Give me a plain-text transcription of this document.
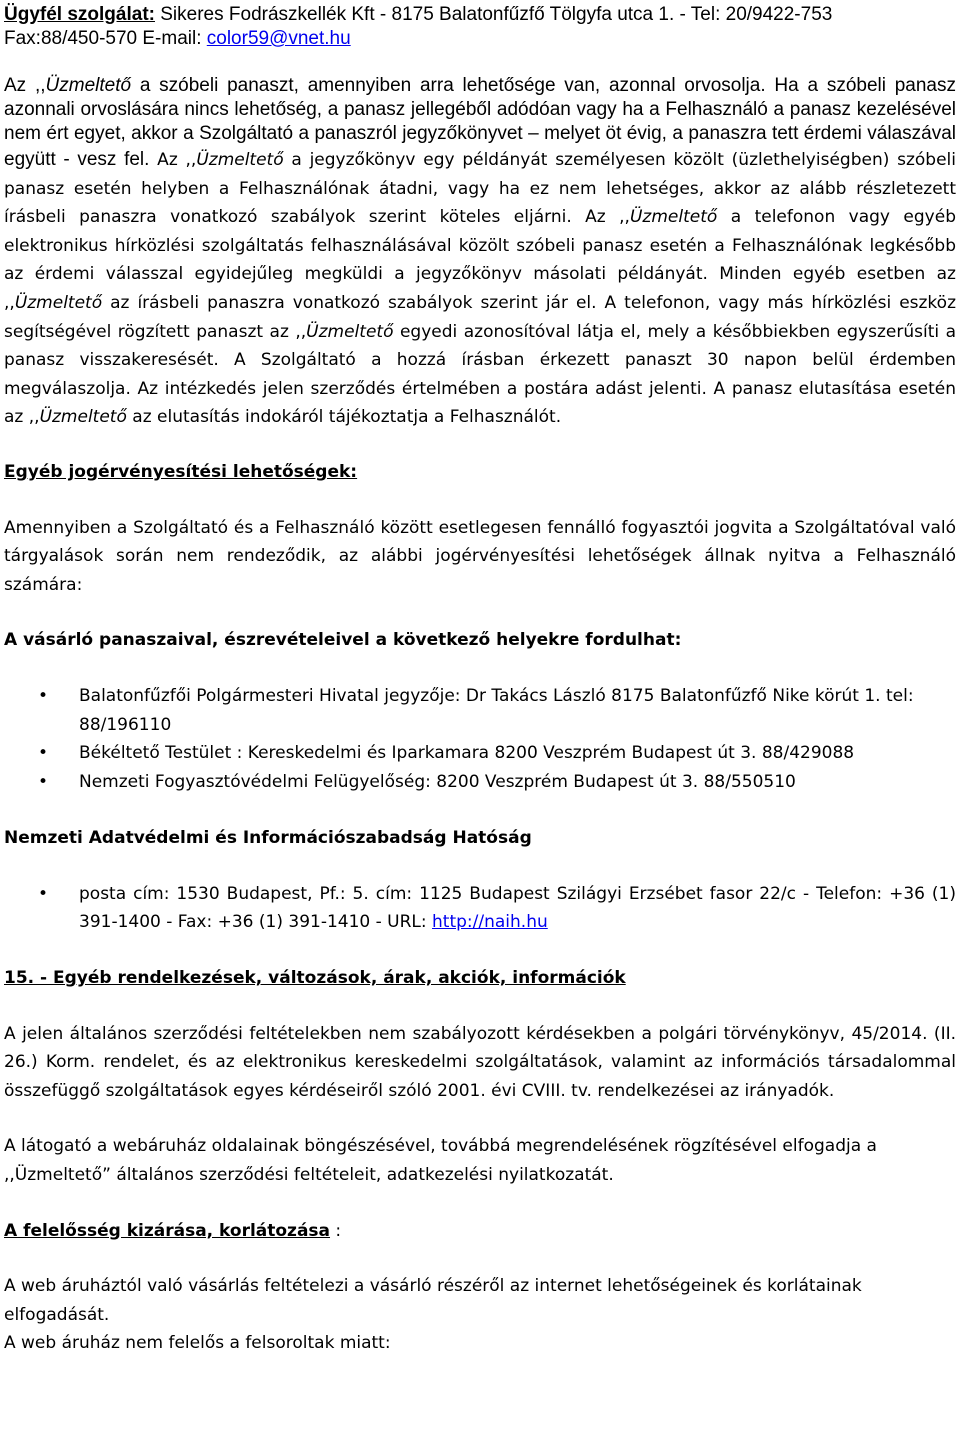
Ügyfél szolgálat: Sikeres Fodrászkellék Kft - 8175 Balatonfűzfő Tölgyfa utca 1. - Tel: 20/9422-753
Fax:88/450-570 E-mail: color59@vnet.hu

Az ,,Üzmeltető a szóbeli panaszt, amennyiben arra lehetősége van, azonnal orvosolja. Ha a szóbeli panasz azonnali orvoslására nincs lehetőség, a panasz jellegéből adódóan vagy ha a Felhasználó a panasz kezelésével nem ért egyet, akkor a Szolgáltató a panaszról jegyzőkönyvet – melyet öt évig, a panaszra tett érdemi válaszával együtt - vesz fel. Az ,,Üzmeltető a jegyzőkönyv egy példányát személyesen közölt (üzlethelyiségben) szóbeli panasz esetén helyben a Felhasználónak átadni, vagy ha ez nem lehetséges, akkor az alább részletezett írásbeli panaszra vonatkozó szabályok szerint köteles eljárni. Az ,,Üzmeltető a telefonon vagy egyéb elektronikus hírközlési szolgáltatás felhasználásával közölt szóbeli panasz esetén a Felhasználónak legkésőbb az érdemi válasszal egyidejűleg megküldi a jegyzőkönyv másolati példányát. Minden egyéb esetben az ,,Üzmeltető az írásbeli panaszra vonatkozó szabályok szerint jár el. A telefonon, vagy más hírközlési eszköz segítségével rögzített panaszt az ,,Üzmeltető egyedi azonosítóval látja el, mely a későbbiekben egyszerűsíti a panasz visszakeresését. A Szolgáltató a hozzá írásban érkezett panaszt 30 napon belül érdemben megválaszolja. Az intézkedés jelen szerződés értelmében a postára adást jelenti. A panasz elutasítása esetén az ,,Üzmeltető az elutasítás indokáról tájékoztatja a Felhasználót.

Egyéb jogérvényesítési lehetőségek:

Amennyiben a Szolgáltató és a Felhasználó között esetlegesen fennálló fogyasztói jogvita a Szolgáltatóval való tárgyalások során nem rendeződik, az alábbi jogérvényesítési lehetőségek állnak nyitva a Felhasználó számára:

A vásárló panaszaival, észrevételeivel a következő helyekre fordulhat:

• Balatonfűzfői Polgármesteri Hivatal jegyzője: Dr Takács László 8175 Balatonfűzfő Nike körút 1. tel: 88/196110
• Békéltető Testület : Kereskedelmi és Iparkamara 8200 Veszprém Budapest út 3. 88/429088
• Nemzeti Fogyasztóvédelmi Felügyelőség: 8200 Veszprém Budapest út 3. 88/550510

Nemzeti Adatvédelmi és Információszabadság Hatóság

• posta cím: 1530 Budapest, Pf.: 5. cím: 1125 Budapest Szilágyi Erzsébet fasor 22/c - Telefon: +36 (1) 391-1400 - Fax: +36 (1) 391-1410 - URL: http://naih.hu

15. - Egyéb rendelkezések, változások, árak, akciók, információk

A jelen általános szerződési feltételekben nem szabályozott kérdésekben a polgári törvénykönyv, 45/2014. (II. 26.) Korm. rendelet, és az elektronikus kereskedelmi szolgáltatások, valamint az információs társadalommal összefüggő szolgáltatások egyes kérdéseiről szóló 2001. évi CVIII. tv. rendelkezései az irányadók.

A látogató a webáruház oldalainak böngészésével, továbbá megrendelésének rögzítésével elfogadja a ,,Üzmeltető” általános szerződési feltételeit, adatkezelési nyilatkozatát.

A felelősség kizárása, korlátozása :

A web áruháztól való vásárlás feltételezi a vásárló részéről az internet lehetőségeinek és korlátainak elfogadását.

A web áruház nem felelős a felsoroltak miatt:
